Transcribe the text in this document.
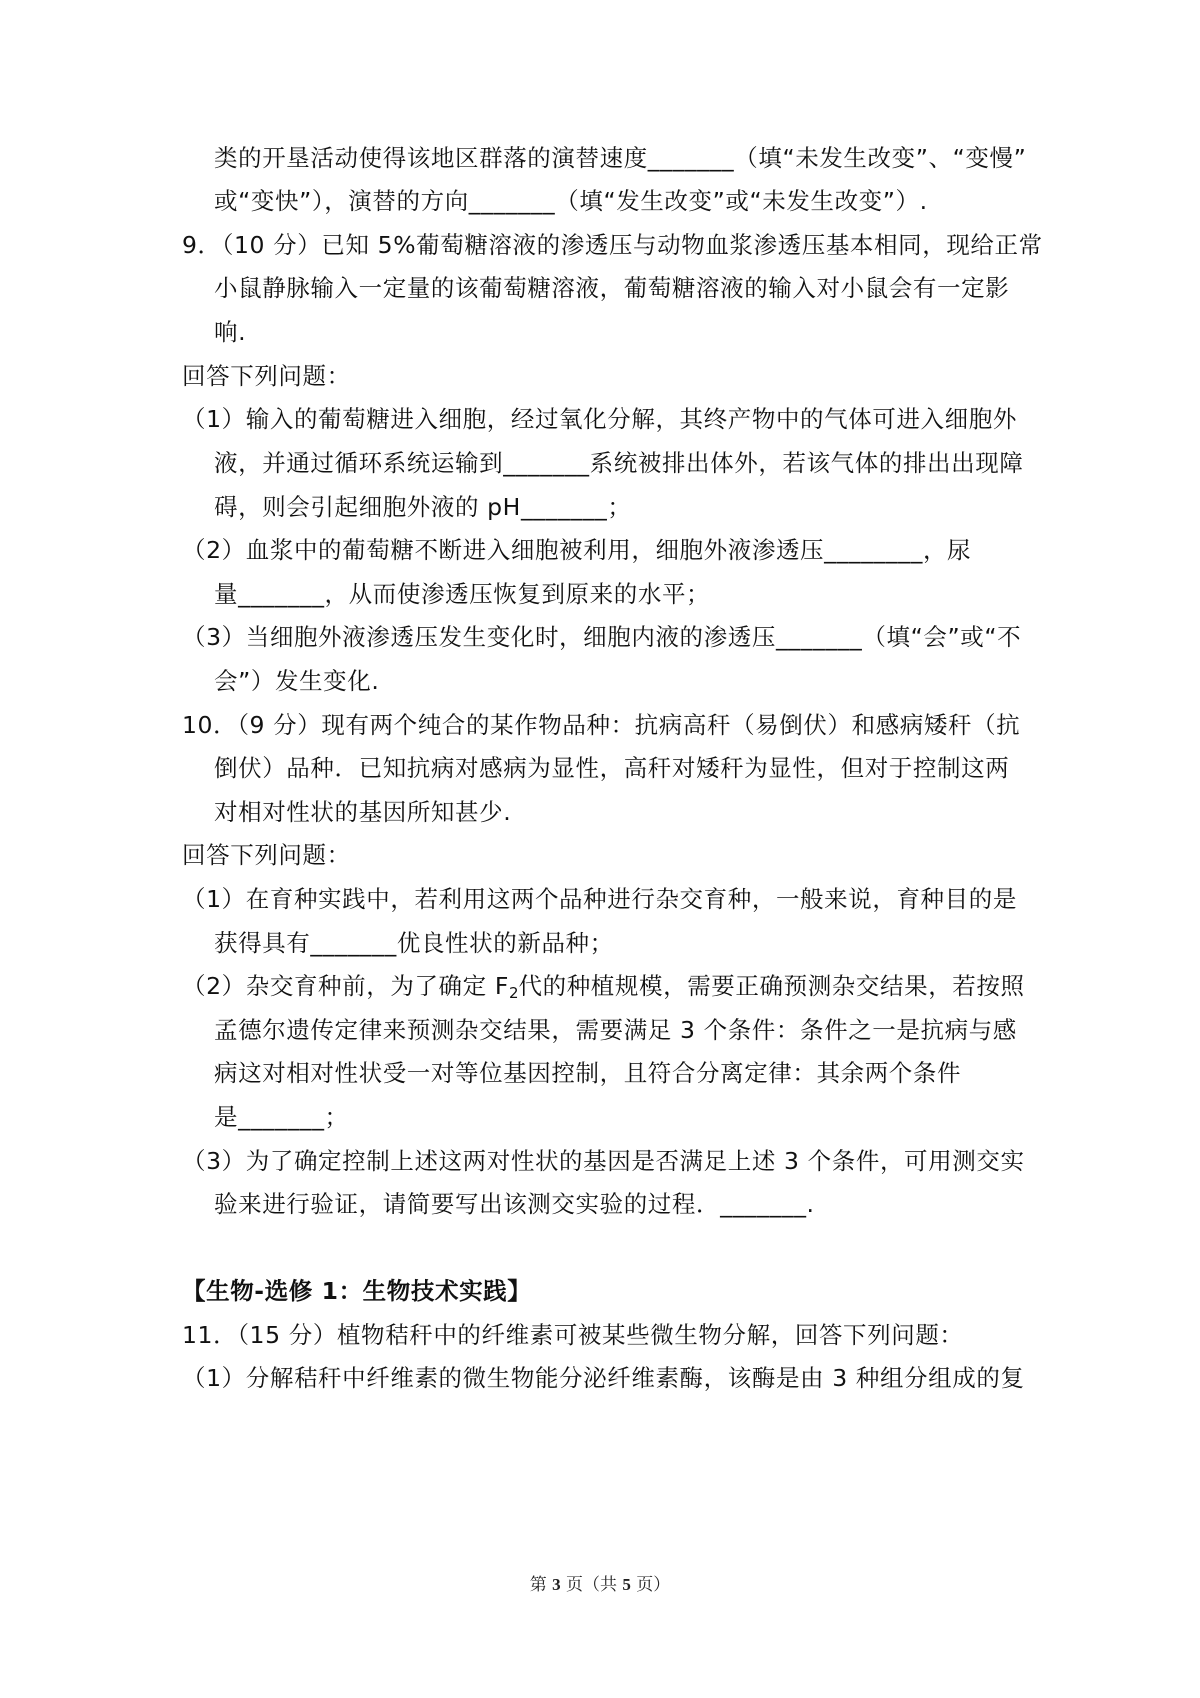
类的开垦活动使得该地区群落的演替速度_______（填“未发生改变”、“变慢”
或“变快”），演替的方向_______（填“发生改变”或“未发生改变”）.
9．（10 分）已知 5%葡萄糖溶液的渗透压与动物血浆渗透压基本相同，现给正常
小鼠静脉输入一定量的该葡萄糖溶液，葡萄糖溶液的输入对小鼠会有一定影
响.
回答下列问题：
（1）输入的葡萄糖进入细胞，经过氧化分解，其终产物中的气体可进入细胞外
液，并通过循环系统运输到_______系统被排出体外，若该气体的排出出现障
碍，则会引起细胞外液的 pH_______；
（2）血浆中的葡萄糖不断进入细胞被利用，细胞外液渗透压________，尿
量_______，从而使渗透压恢复到原来的水平；
（3）当细胞外液渗透压发生变化时，细胞内液的渗透压_______（填“会”或“不
会”）发生变化.
10．（9 分）现有两个纯合的某作物品种：抗病高秆（易倒伏）和感病矮秆（抗
倒伏）品种．已知抗病对感病为显性，高秆对矮秆为显性，但对于控制这两
对相对性状的基因所知甚少.
回答下列问题：
（1）在育种实践中，若利用这两个品种进行杂交育种，一般来说，育种目的是
获得具有_______优良性状的新品种；
（2）杂交育种前，为了确定 $F_2$代的种植规模，需要正确预测杂交结果，若按照
孟德尔遗传定律来预测杂交结果，需要满足 3 个条件：条件之一是抗病与感
病这对相对性状受一对等位基因控制，且符合分离定律：其余两个条件
是_______；
（3）为了确定控制上述这两对性状的基因是否满足上述 3 个条件，可用测交实
验来进行验证，请简要写出该测交实验的过程．_______.
【生物-选修 1：生物技术实践】
11．（15 分）植物秸秆中的纤维素可被某些微生物分解，回答下列问题：
（1）分解秸秆中纤维素的微生物能分泌纤维素酶，该酶是由 3 种组分组成的复
第 3 页（共 5 页）
